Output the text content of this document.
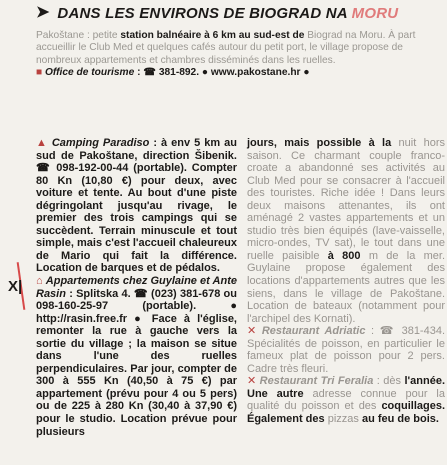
➤ DANS LES ENVIRONS DE BIOGRAD NA MORU

Pakoštane : petite station balnéaire à 6 km au sud-est de Biograd na Moru. À part accueillir le Club Med et quelques cafés autour du petit port, le village propose de nombreux appartements et chambres disséminés dans les ruelles.

■ Office de tourisme : ☎ 381-892. ● www.pakostane.hr ●

▲ Camping Paradiso : à env 5 km au sud de Pakoštane, direction Šibenik. ☎ 098-192-00-44 (portable). Compter 80 Kn (10,80 €) pour deux, avec voiture et tente. Au bout d'une piste dégringolant jusqu'au rivage, le premier des trois campings qui se succèdent. Terrain minuscule et tout simple, mais c'est l'accueil chaleureux de Mario qui fait la différence. Location de barques et de pédalos.

⌂ Appartements chez Guylaine et Ante Rasin : Splitska 4. ☎ (023) 381-678 ou 098-160-25-97 (portable). ● http://rasin.free.fr ● Face à l'église, remonter la rue à gauche vers la sortie du village ; la maison se situe dans l'une des ruelles perpendiculaires. Par jour, compter de 300 à 555 Kn (40,50 à 75 €) par appartement (prévu pour 4 ou 5 pers) ou de 225 à 280 Kn (30,40 à 37,90 €) pour le studio. Location prévue pour plusieurs

jours, mais possible à la nuit hors saison. Ce charmant couple franco-croate a abandonné ses activités au Club Med pour se consacrer à l'accueil des touristes. Riche idée ! Dans leurs deux maisons attenantes, ils ont aménagé 2 vastes appartements et un studio très bien équipés (lave-vaisselle, micro-ondes, TV sat), le tout dans une ruelle paisible à 800 m de la mer. Guylaine propose également des locations d'appartements autres que les siens, dans le village de Pakoštane. Location de bateaux (notamment pour l'archipel des Kornati).

✕ Restaurant Adriatic : ☎ 381-434. Spécialités de poisson, en particulier le fameux plat de poisson pour 2 pers. Cadre très fleuri.

✕ Restaurant Tri Feralia : dès l'année. Une autre adresse connue pour la qualité du poisson et des coquillages. Également des pizzas au feu de bois.

X|
